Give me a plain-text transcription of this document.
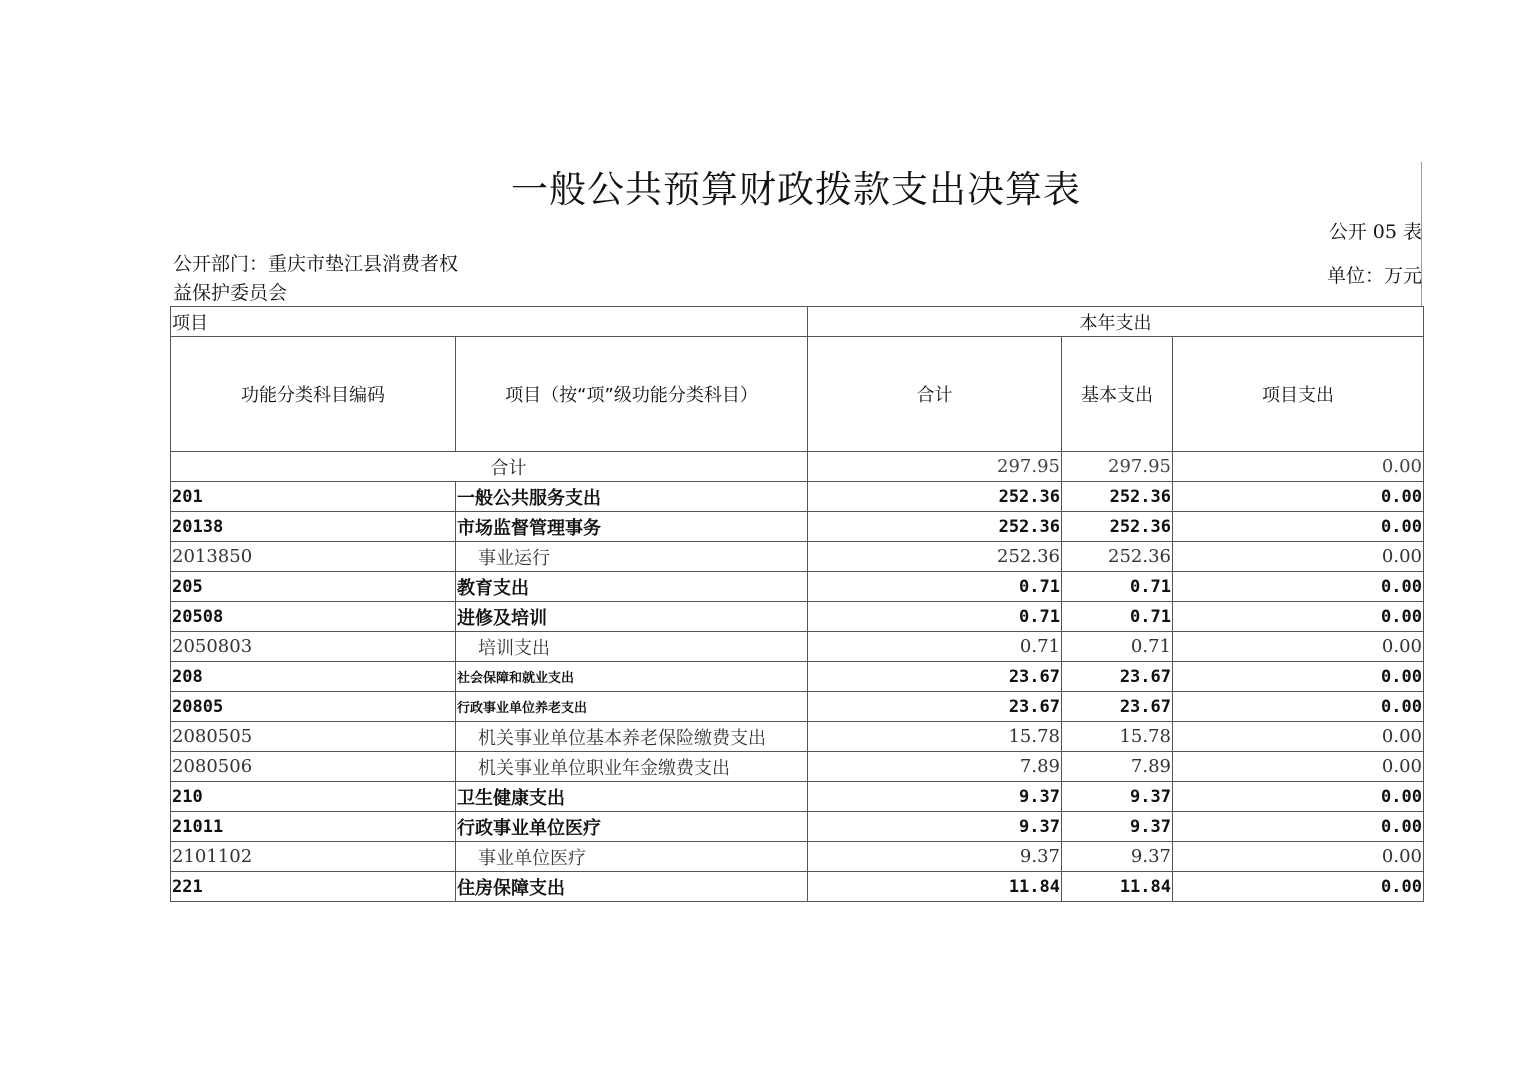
一般公共预算财政拨款支出决算表
公开 05 表
公开部门：重庆市垫江县消费者权益保护委员会
单位：万元
项目		本年支出		
功能分类科目编码	项目（按“项”级功能分类科目）	合计	基本支出	项目支出
合计		297.95	297.95	0.00
201	一般公共服务支出	252.36	252.36	0.00
20138	市场监督管理事务	252.36	252.36	0.00
2013850	事业运行	252.36	252.36	0.00
205	教育支出	0.71	0.71	0.00
20508	进修及培训	0.71	0.71	0.00
2050803	培训支出	0.71	0.71	0.00
208	社会保障和就业支出	23.67	23.67	0.00
20805	行政事业单位养老支出	23.67	23.67	0.00
2080505	机关事业单位基本养老保险缴费支出	15.78	15.78	0.00
2080506	机关事业单位职业年金缴费支出	7.89	7.89	0.00
210	卫生健康支出	9.37	9.37	0.00
21011	行政事业单位医疗	9.37	9.37	0.00
2101102	事业单位医疗	9.37	9.37	0.00
221	住房保障支出	11.84	11.84	0.00
